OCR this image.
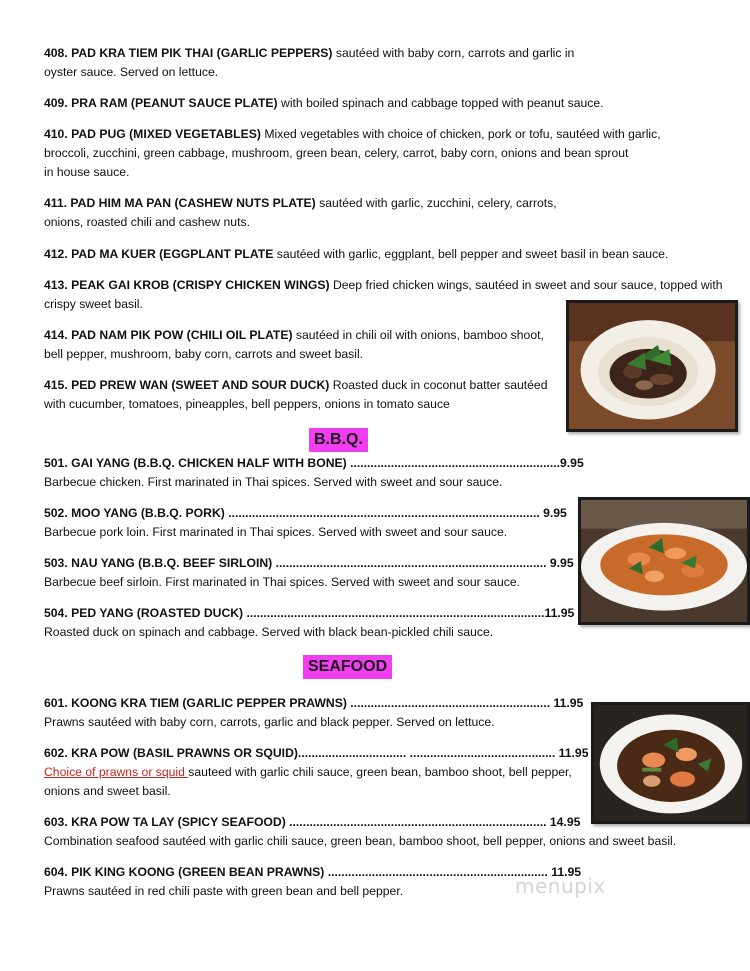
408. PAD KRA TIEM PIK THAI (GARLIC PEPPERS) sautéed with baby corn, carrots and garlic in
oyster sauce. Served on lettuce.
409. PRA RAM (PEANUT SAUCE PLATE) with boiled spinach and cabbage topped with peanut sauce.
410. PAD PUG (MIXED VEGETABLES) Mixed vegetables with choice of chicken, pork or tofu, sautéed with garlic,
broccoli, zucchini, green cabbage, mushroom, green bean, celery, carrot, baby corn, onions and bean sprout
in house sauce.
411. PAD HIM MA PAN (CASHEW NUTS PLATE) sautéed with garlic, zucchini, celery, carrots,
onions, roasted chili and cashew nuts.
412. PAD MA KUER (EGGPLANT PLATE sautéed with garlic, eggplant, bell pepper and sweet basil in bean sauce.
413. PEAK GAI KROB (CRISPY CHICKEN WINGS) Deep fried chicken wings, sautéed in sweet and sour sauce, topped with
crispy sweet basil.
414. PAD NAM PIK POW (CHILI OIL PLATE) sautéed in chili oil with onions, bamboo shoot,
bell pepper, mushroom, baby corn, carrots and sweet basil.
415. PED PREW WAN (SWEET AND SOUR DUCK) Roasted duck in coconut batter sautéed
with cucumber, tomatoes, pineapples, bell peppers, onions in tomato sauce
B.B.Q.
501. GAI YANG (B.B.Q. CHICKEN HALF WITH BONE) ..............................................................9.95
Barbecue chicken. First marinated in Thai spices. Served with sweet and sour sauce.
502. MOO YANG (B.B.Q. PORK) ............................................................................................ 9.95
Barbecue pork loin. First marinated in Thai spices. Served with sweet and sour sauce.
503. NAU YANG (B.B.Q. BEEF SIRLOIN) ................................................................................ 9.95
Barbecue beef sirloin. First marinated in Thai spices. Served with sweet and sour sauce.
504. PED YANG (ROASTED DUCK) ........................................................................................11.95
Roasted duck on spinach and cabbage. Served with black bean-pickled chili sauce.
SEAFOOD
601. KOONG KRA TIEM (GARLIC PEPPER PRAWNS) ........................................................... 11.95
Prawns sautéed with baby corn, carrots, garlic and black pepper. Served on lettuce.
602. KRA POW (BASIL PRAWNS OR SQUID)................................ ........................................... 11.95
Choice of prawns or squid sauteed with garlic chili sauce, green bean, bamboo shoot, bell pepper,
onions and sweet basil.
603. KRA POW TA LAY (SPICY SEAFOOD) ............................................................................ 14.95
Combination seafood sautéed with garlic chili sauce, green bean, bamboo shoot, bell pepper, onions and sweet basil.
604. PIK KING KOONG (GREEN BEAN PRAWNS) ................................................................. 11.95
Prawns sautéed in red chili paste with green bean and bell pepper.	menupix
